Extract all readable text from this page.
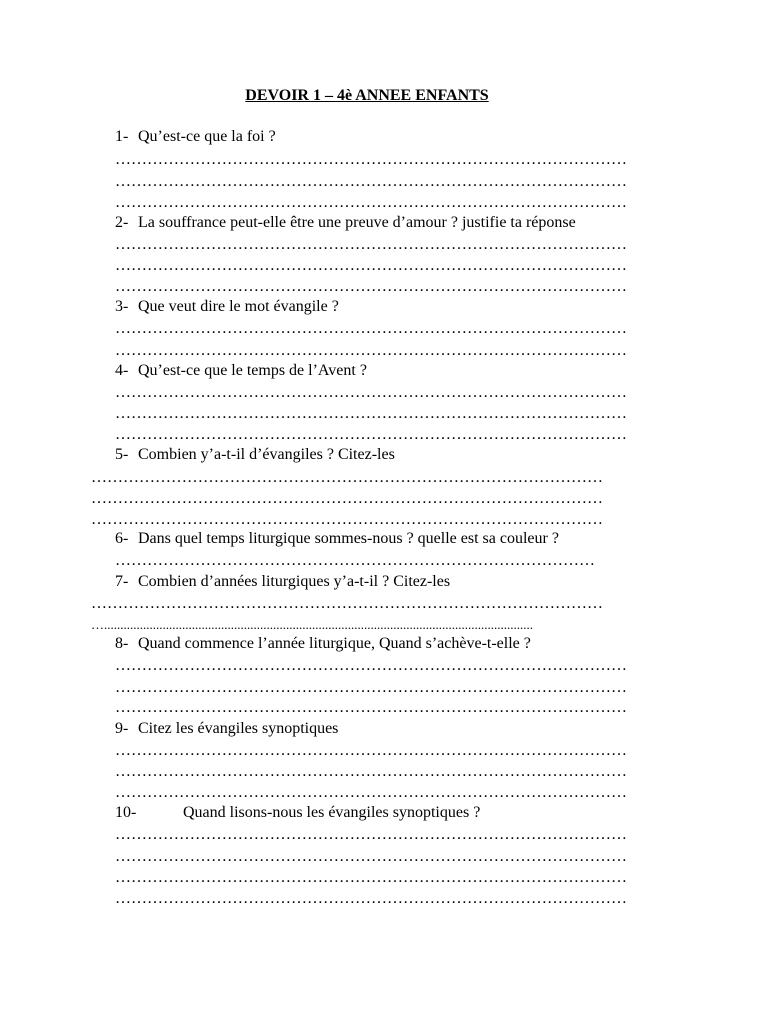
DEVOIR 1 – 4è ANNEE ENFANTS
1- Qu’est-ce que la foi ?
……………………………………………………………………………………
……………………………………………………………………………………
……………………………………………………………………………………
2- La souffrance peut-elle être une preuve d’amour ? justifie ta réponse
……………………………………………………………………………………
……………………………………………………………………………………
……………………………………………………………………………………
3- Que veut dire le mot évangile ?
……………………………………………………………………………………
……………………………………………………………………………………
4- Qu’est-ce que le temps de l’Avent ?
……………………………………………………………………………………
……………………………………………………………………………………
……………………………………………………………………………………
5- Combien y’a-t-il d’évangiles ? Citez-les
……………………………………………………………………………………
……………………………………………………………………………………
……………………………………………………………………………………
6- Dans quel temps liturgique sommes-nous ? quelle est sa couleur ?
………………………………………………………………………………
7- Combien d’années liturgiques y’a-t-il ? Citez-les
……………………………………………………………………………………
…....................................................................................................................................
8- Quand commence l’année liturgique, Quand s’achève-t-elle ?
……………………………………………………………………………………
……………………………………………………………………………………
……………………………………………………………………………………
9- Citez les évangiles synoptiques
……………………………………………………………………………………
……………………………………………………………………………………
……………………………………………………………………………………
10-	Quand lisons-nous les évangiles synoptiques ?
……………………………………………………………………………………
……………………………………………………………………………………
……………………………………………………………………………………
……………………………………………………………………………………
